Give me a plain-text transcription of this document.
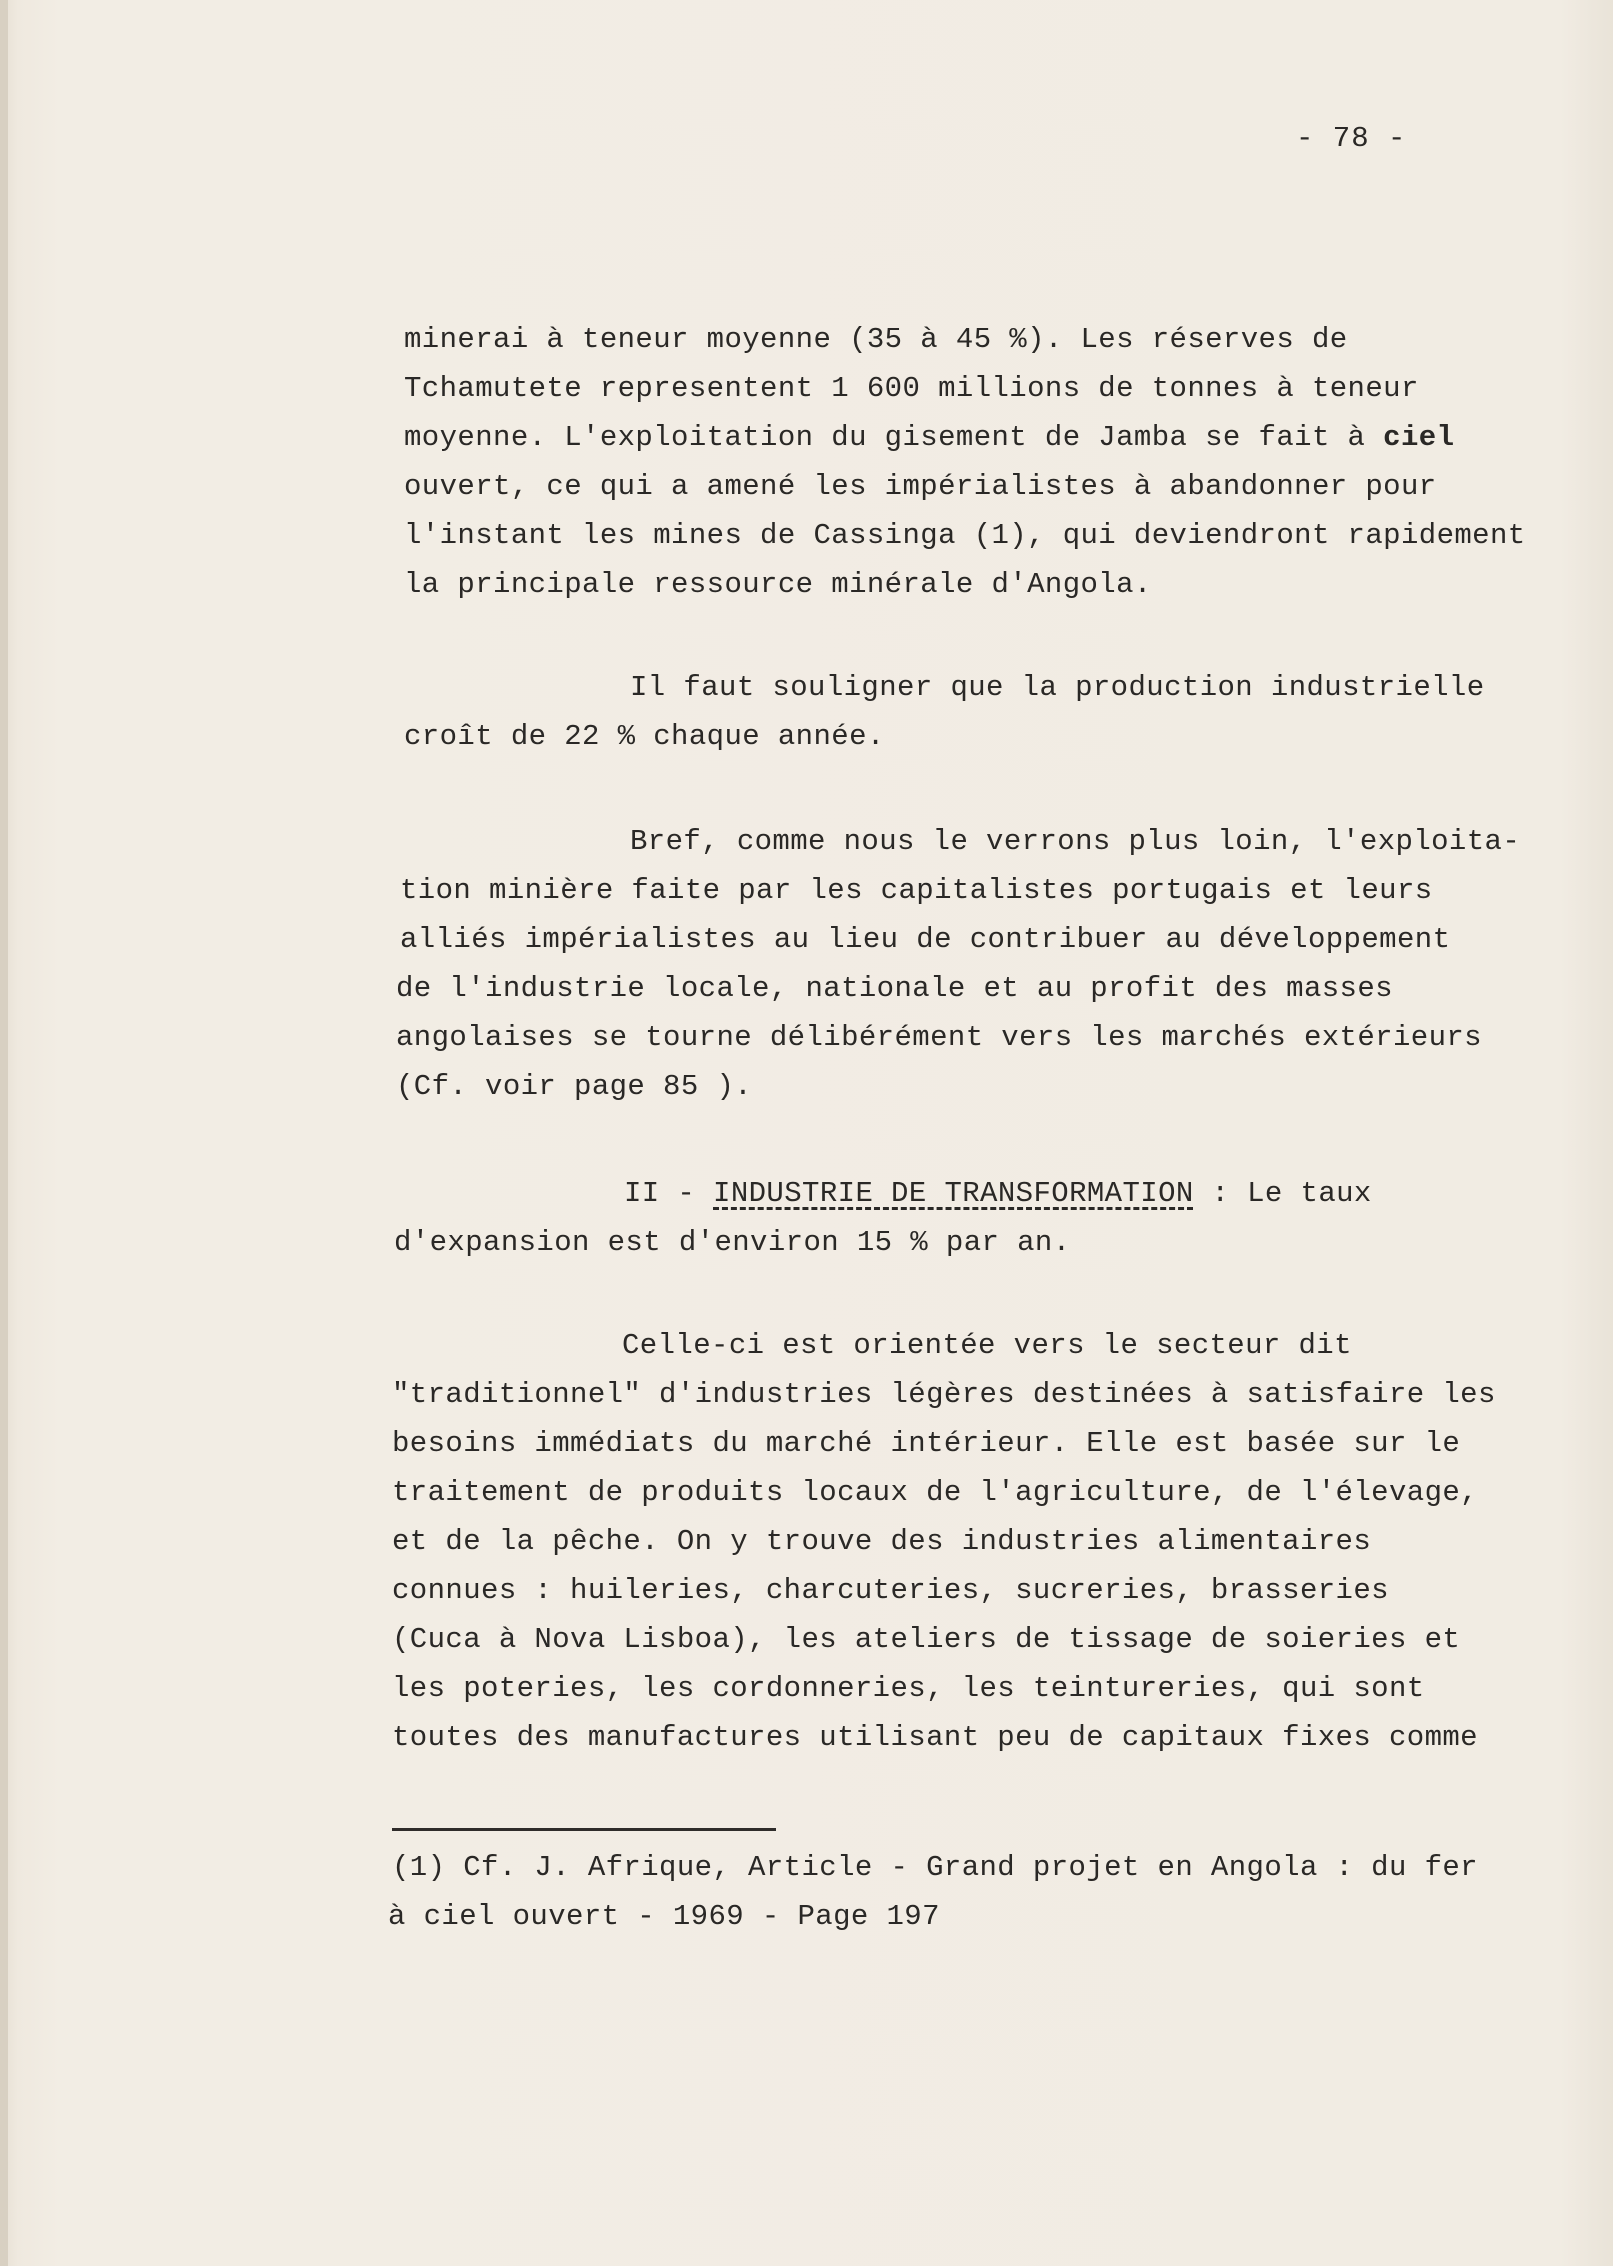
- 78 -
minerai à teneur moyenne (35 à 45 %). Les réserves de
Tchamutete representent 1 600 millions de tonnes à teneur
moyenne. L'exploitation du gisement de Jamba se fait à ciel
ouvert, ce qui a amené les impérialistes à abandonner pour
l'instant les mines de Cassinga (1), qui deviendront rapidement
la principale ressource minérale d'Angola.
Il faut souligner que la production industrielle
croît de 22 % chaque année.
Bref, comme nous le verrons plus loin, l'exploita-
tion minière faite par les capitalistes portugais et leurs
alliés impérialistes au lieu de contribuer au développement
de l'industrie locale, nationale et au profit des masses
angolaises se tourne délibérément vers les marchés extérieurs
(Cf. voir page 85 ).
II - INDUSTRIE DE TRANSFORMATION : Le taux
d'expansion est d'environ 15 % par an.
Celle-ci est orientée vers le secteur dit
"traditionnel" d'industries légères destinées à satisfaire les
besoins immédiats du marché intérieur. Elle est basée sur le
traitement de produits locaux de l'agriculture, de l'élevage,
et de la pêche. On y trouve des industries alimentaires
connues : huileries, charcuteries, sucreries, brasseries
(Cuca à Nova Lisboa), les ateliers de tissage de soieries et
les poteries, les cordonneries, les teintureries, qui sont
toutes des manufactures utilisant peu de capitaux fixes comme
(1) Cf. J. Afrique, Article - Grand projet en Angola : du fer
à ciel ouvert - 1969 - Page 197
